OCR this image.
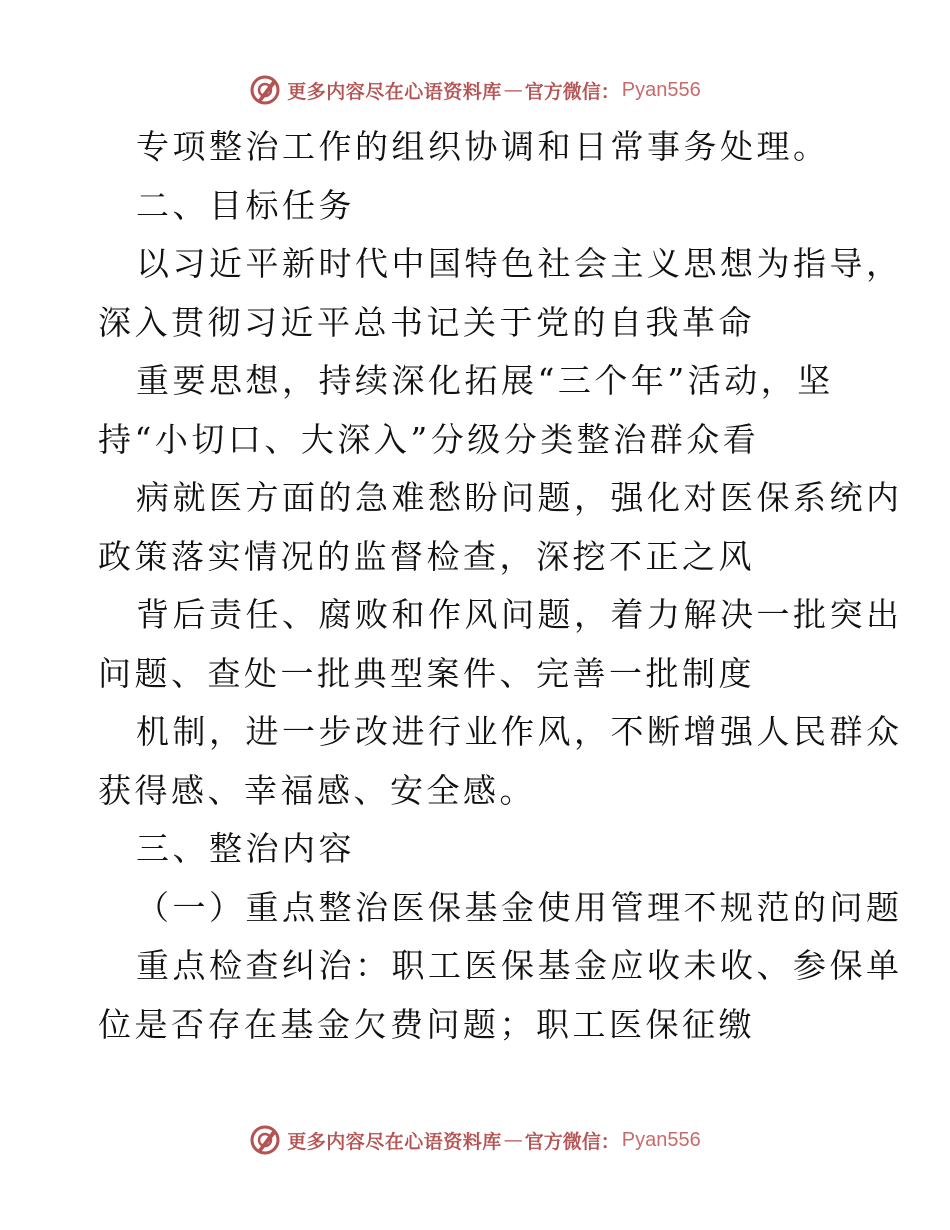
更多内容尽在心语资料库 — 官方微信： Pyan556
专项整治工作的组织协调和日常事务处理。
二、目标任务
以习近平新时代中国特色社会主义思想为指导，
深入贯彻习近平总书记关于党的自我革命
重要思想，持续深化拓展“三个年”活动，坚
持“小切口、大深入”分级分类整治群众看
病就医方面的急难愁盼问题，强化对医保系统内
政策落实情况的监督检查，深挖不正之风
背后责任、腐败和作风问题，着力解决一批突出
问题、查处一批典型案件、完善一批制度
机制，进一步改进行业作风，不断增强人民群众
获得感、幸福感、安全感。
三、整治内容
（一）重点整治医保基金使用管理不规范的问题
重点检查纠治：职工医保基金应收未收、参保单
位是否存在基金欠费问题；职工医保征缴
更多内容尽在心语资料库 — 官方微信： Pyan556
